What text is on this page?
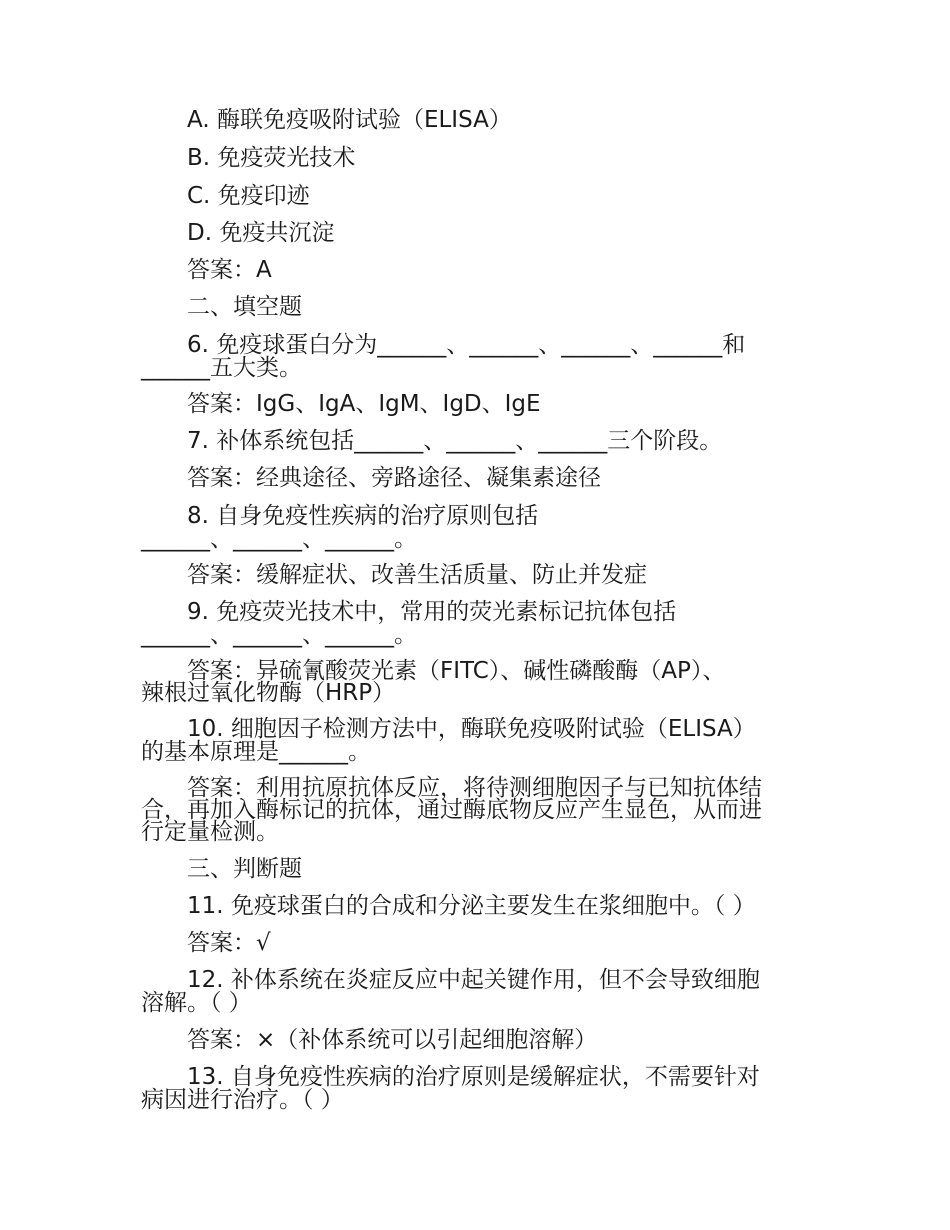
A. 酶联免疫吸附试验（ELISA）
B. 免疫荧光技术
C. 免疫印迹
D. 免疫共沉淀
答案：A
二、填空题
6. 免疫球蛋白分为______、______、______、______和
______五大类。
答案：IgG、IgA、IgM、IgD、IgE
7. 补体系统包括______、______、______三个阶段。
答案：经典途径、旁路途径、凝集素途径
8. 自身免疫性疾病的治疗原则包括
______、______、______。
答案：缓解症状、改善生活质量、防止并发症
9. 免疫荧光技术中，常用的荧光素标记抗体包括
______、______、______。
答案：异硫氰酸荧光素（FITC）、碱性磷酸酶（AP）、
辣根过氧化物酶（HRP）
10. 细胞因子检测方法中，酶联免疫吸附试验（ELISA）
的基本原理是______。
答案：利用抗原抗体反应，将待测细胞因子与已知抗体结
合，再加入酶标记的抗体，通过酶底物反应产生显色，从而进
行定量检测。
三、判断题
11. 免疫球蛋白的合成和分泌主要发生在浆细胞中。（ ）
答案：√
12. 补体系统在炎症反应中起关键作用，但不会导致细胞
溶解。（ ）
答案：×（补体系统可以引起细胞溶解）
13. 自身免疫性疾病的治疗原则是缓解症状，不需要针对
病因进行治疗。（ ）
